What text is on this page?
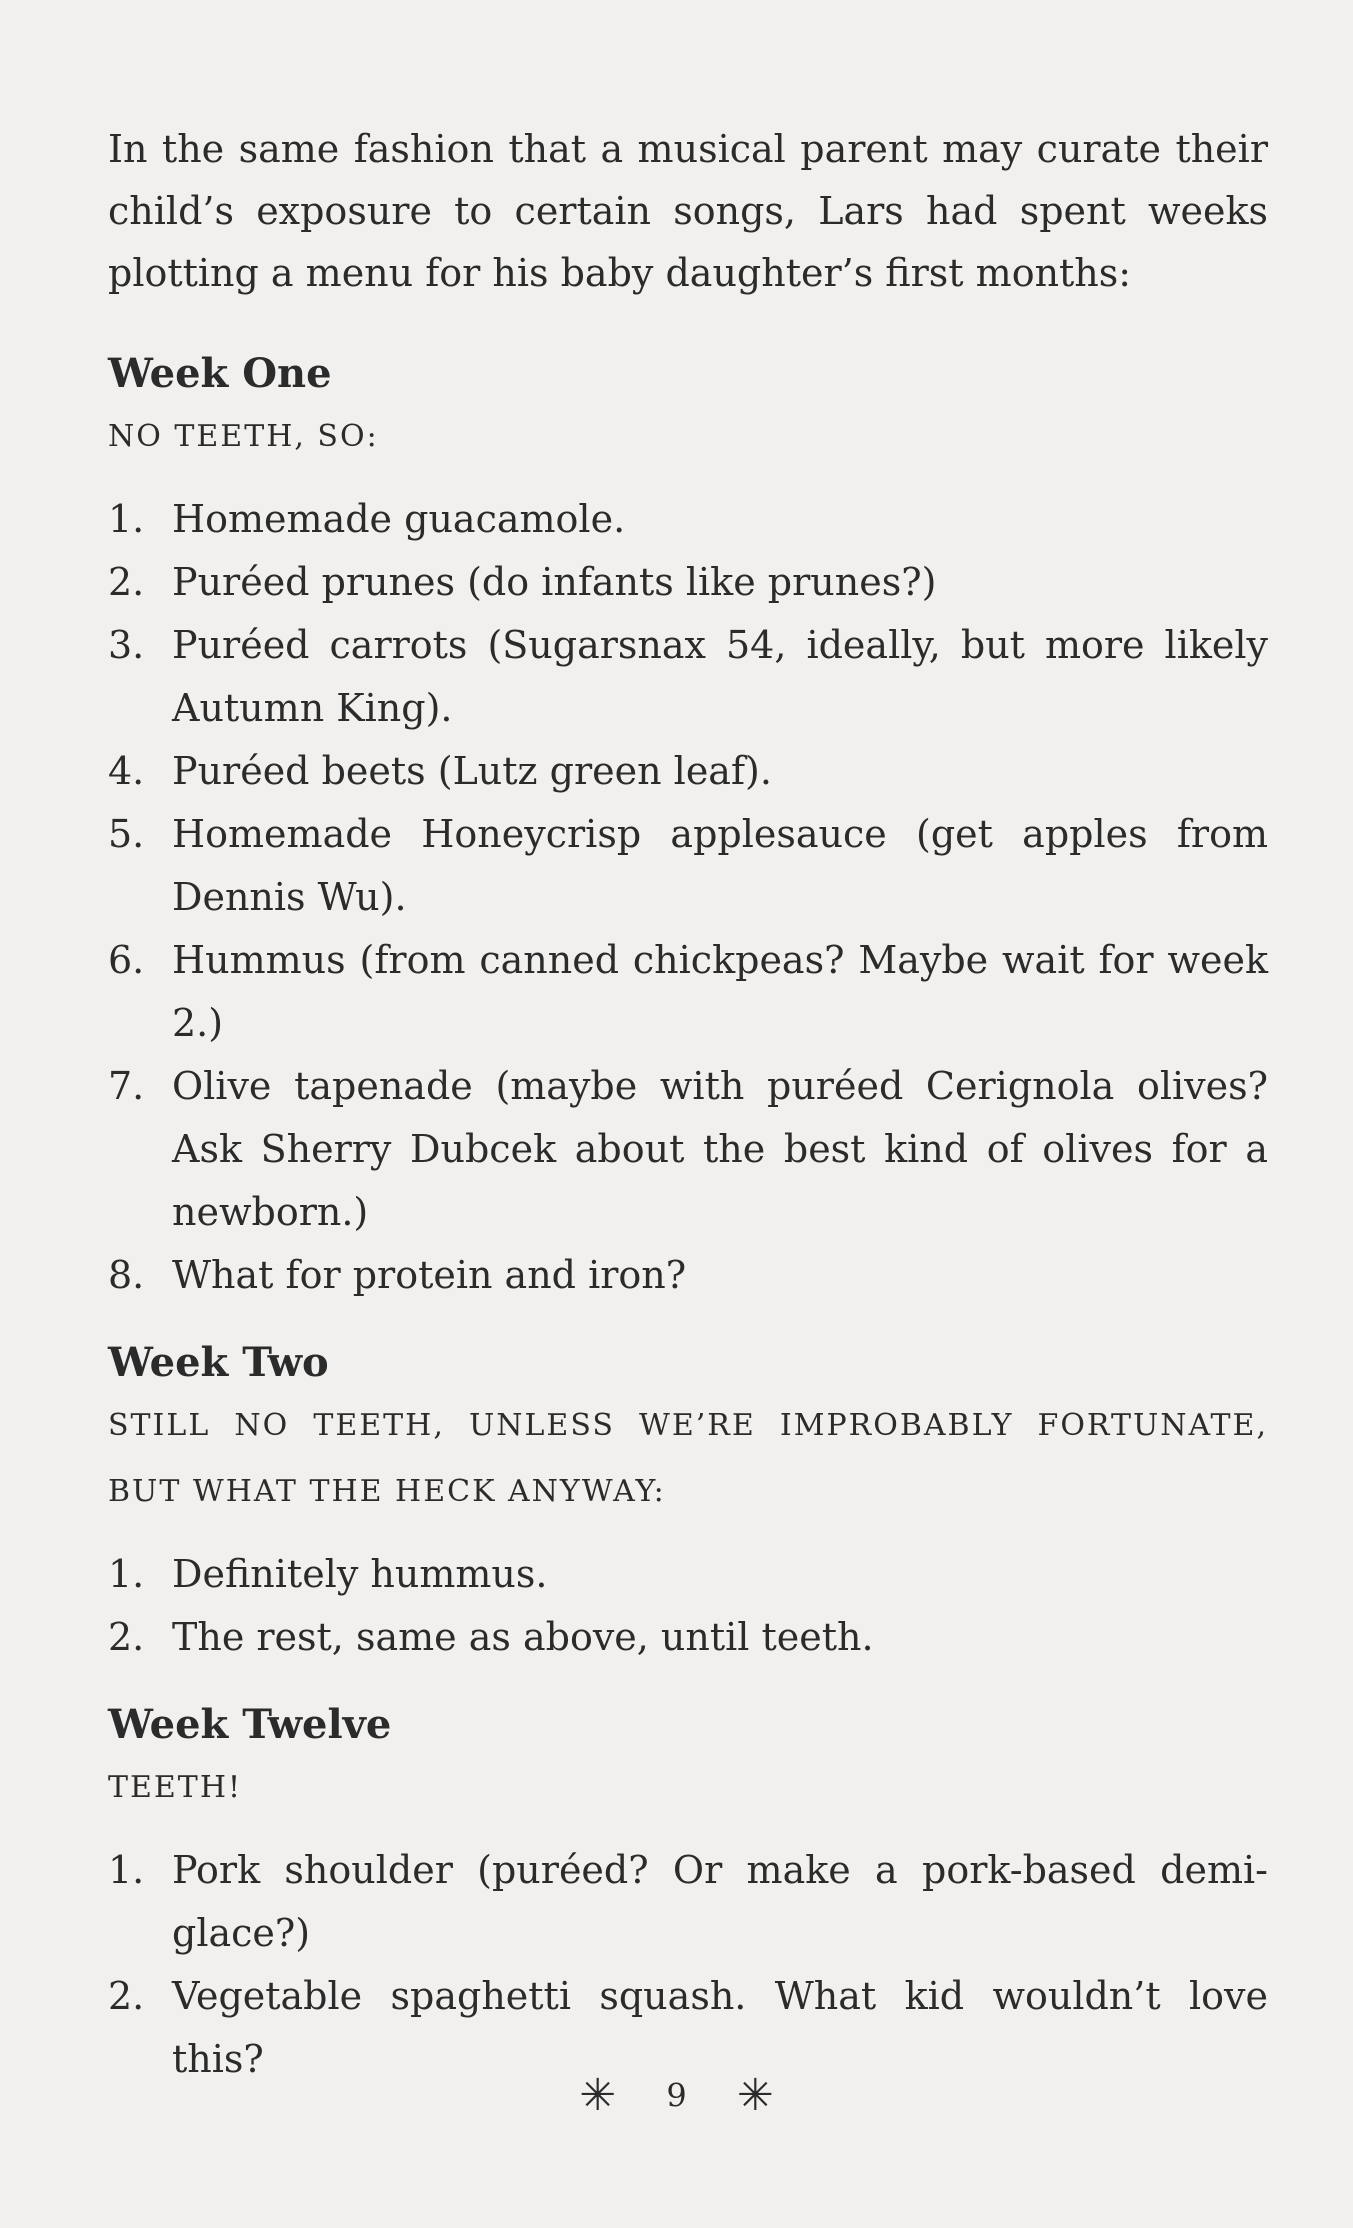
In the same fashion that a musical parent may curate their child’s exposure to certain songs, Lars had spent weeks plotting a menu for his baby daughter’s first months:

Week One

NO TEETH, SO:

1. Homemade guacamole.
2. Puréed prunes (do infants like prunes?)
3. Puréed carrots (Sugarsnax 54, ideally, but more likely Autumn King).
4. Puréed beets (Lutz green leaf).
5. Homemade Honeycrisp applesauce (get apples from Dennis Wu).
6. Hummus (from canned chickpeas? Maybe wait for week 2.)
7. Olive tapenade (maybe with puréed Cerignola olives? Ask Sherry Dubcek about the best kind of olives for a newborn.)
8. What for protein and iron?
Week Two

STILL NO TEETH, UNLESS WE’RE IMPROBABLY FORTUNATE, BUT WHAT THE HECK ANYWAY:

1. Definitely hummus.
2. The rest, same as above, until teeth.
Week Twelve

TEETH!

1. Pork shoulder (puréed? Or make a pork-based demi-glace?)
2. Vegetable spaghetti squash. What kid wouldn’t love this?
✳ 9 ✳
